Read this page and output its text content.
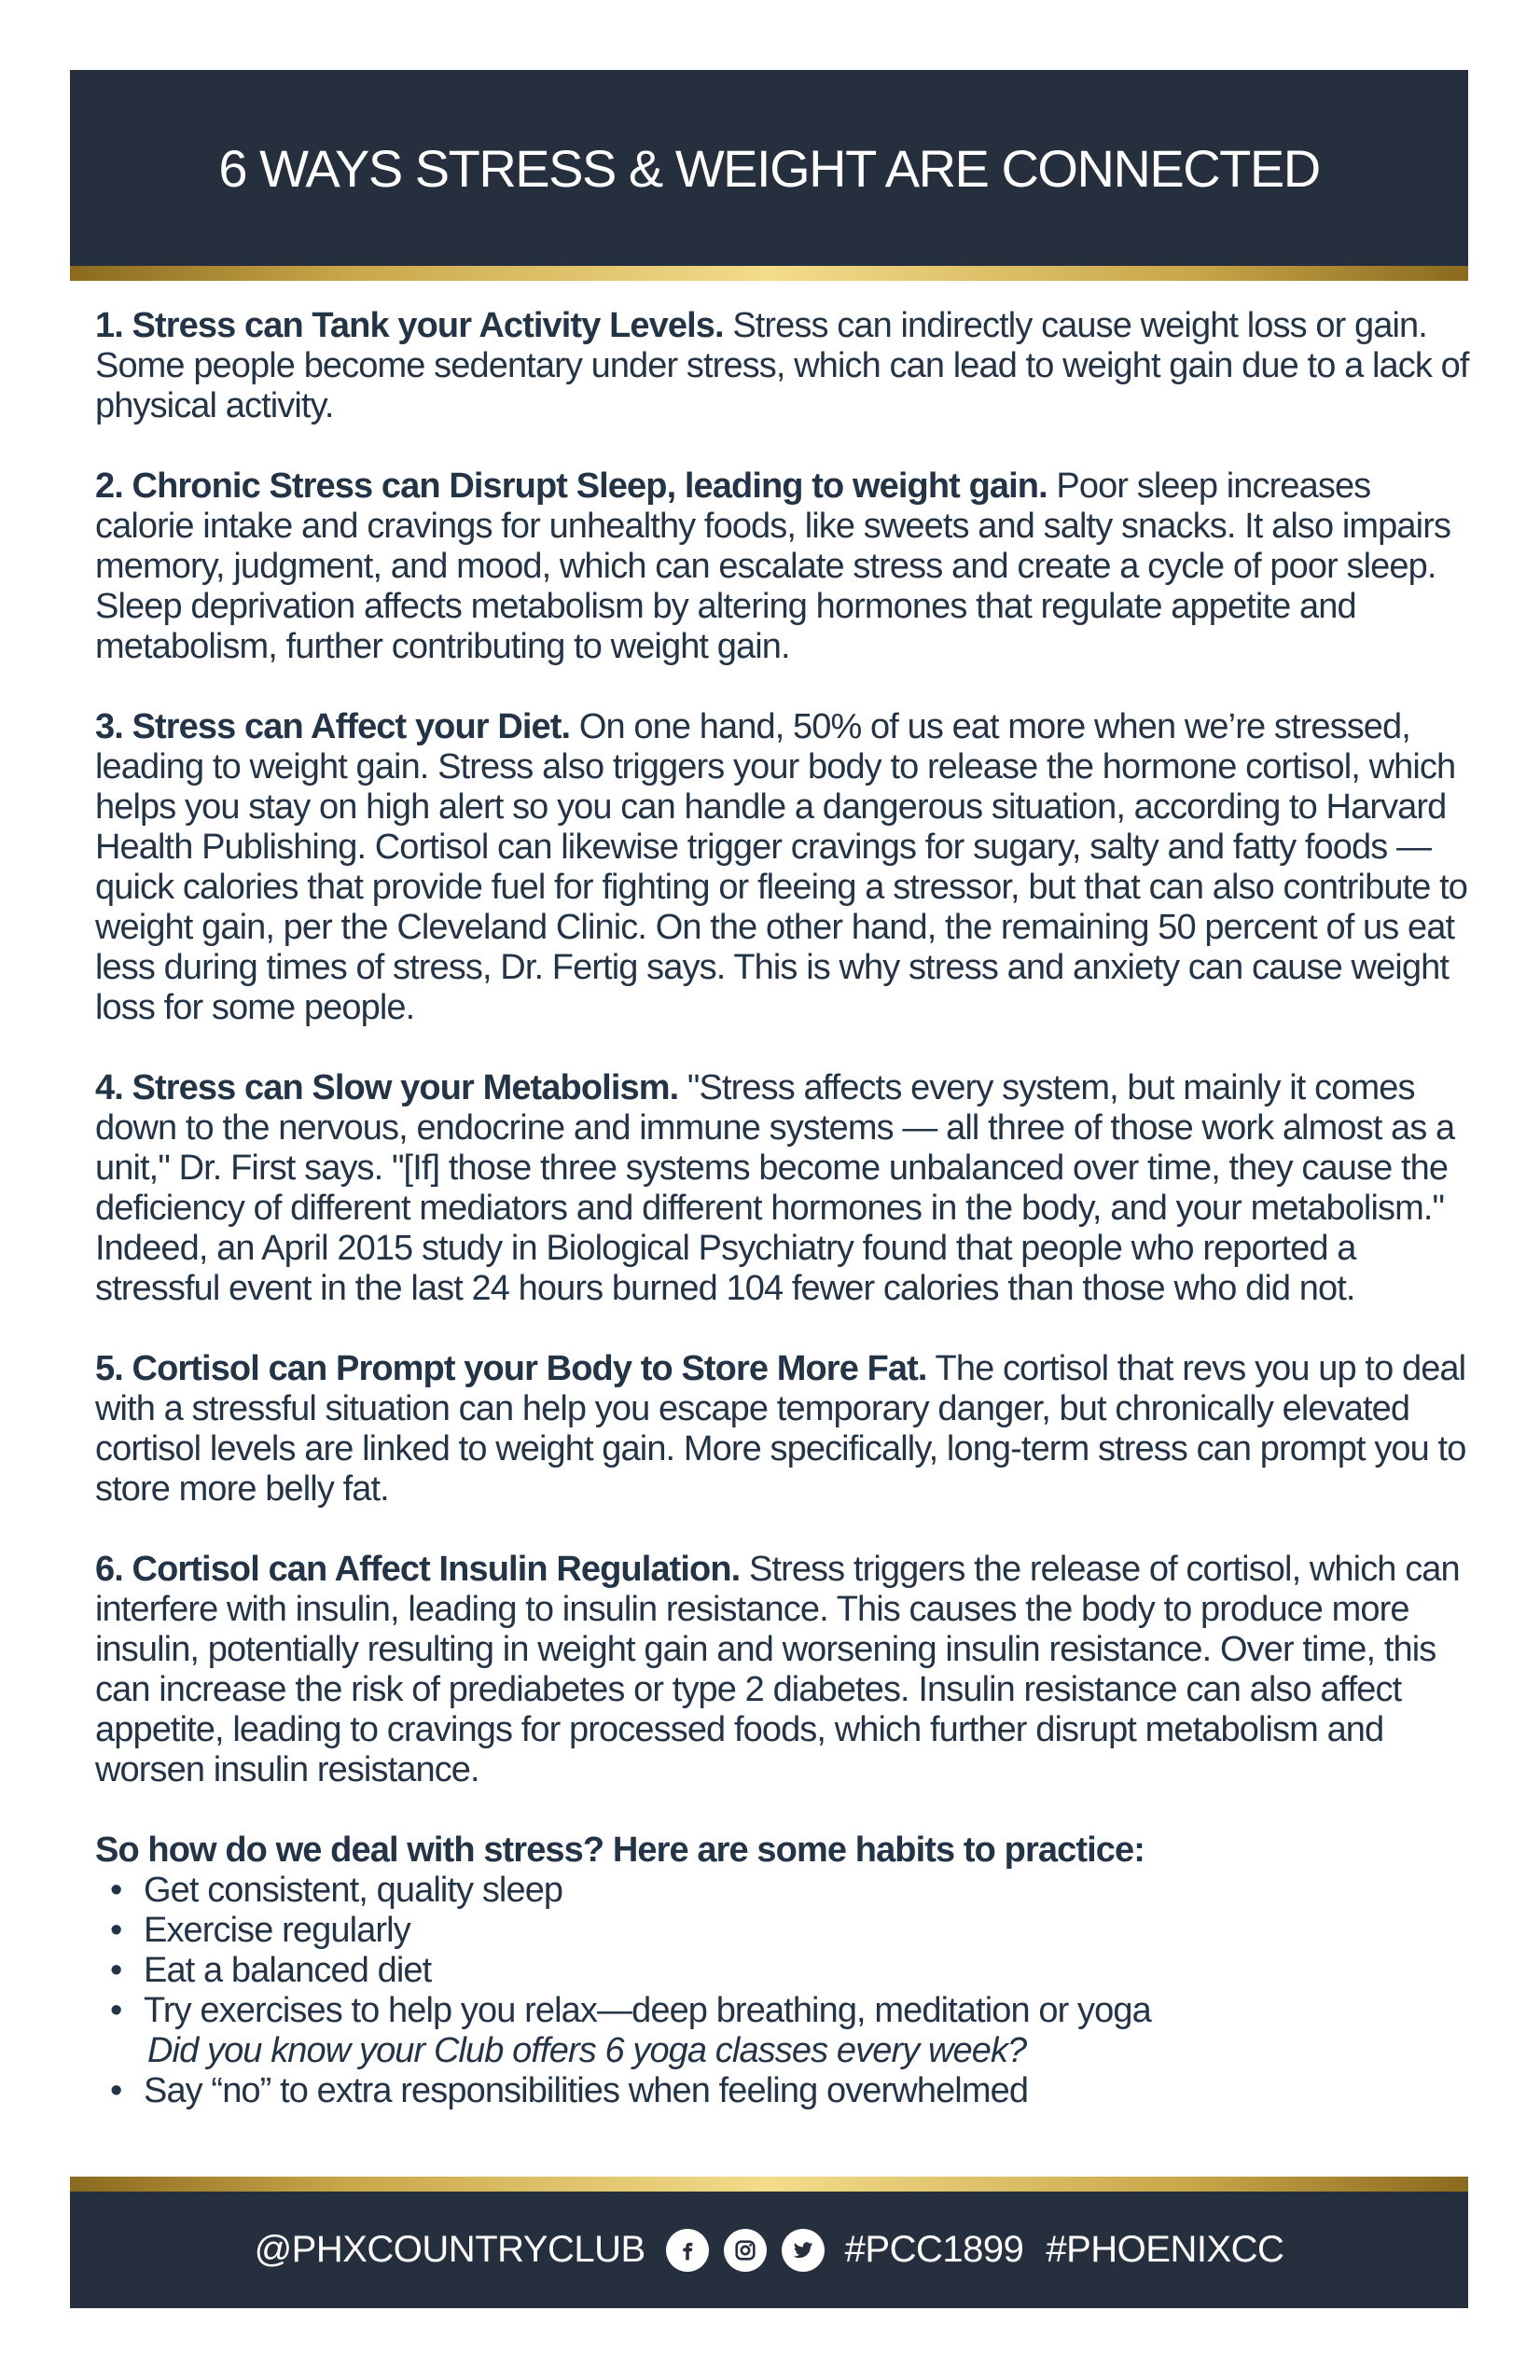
6 WAYS STRESS & WEIGHT ARE CONNECTED

1. Stress can Tank your Activity Levels. Stress can indirectly cause weight loss or gain. Some people become sedentary under stress, which can lead to weight gain due to a lack of physical activity.

2. Chronic Stress can Disrupt Sleep, leading to weight gain. Poor sleep increases calorie intake and cravings for unhealthy foods, like sweets and salty snacks. It also impairs memory, judgment, and mood, which can escalate stress and create a cycle of poor sleep. Sleep deprivation affects metabolism by altering hormones that regulate appetite and metabolism, further contributing to weight gain.

3. Stress can Affect your Diet. On one hand, 50% of us eat more when we’re stressed, leading to weight gain. Stress also triggers your body to release the hormone cortisol, which helps you stay on high alert so you can handle a dangerous situation, according to Harvard Health Publishing. Cortisol can likewise trigger cravings for sugary, salty and fatty foods — quick calories that provide fuel for fighting or fleeing a stressor, but that can also contribute to weight gain, per the Cleveland Clinic. On the other hand, the remaining 50 percent of us eat less during times of stress, Dr. Fertig says. This is why stress and anxiety can cause weight loss for some people.

4. Stress can Slow your Metabolism. "Stress affects every system, but mainly it comes down to the nervous, endocrine and immune systems — all three of those work almost as a unit," Dr. First says. "[If] those three systems become unbalanced over time, they cause the deficiency of different mediators and different hormones in the body, and your metabolism." Indeed, an April 2015 study in Biological Psychiatry found that people who reported a stressful event in the last 24 hours burned 104 fewer calories than those who did not.

5. Cortisol can Prompt your Body to Store More Fat. The cortisol that revs you up to deal with a stressful situation can help you escape temporary danger, but chronically elevated cortisol levels are linked to weight gain. More specifically, long-term stress can prompt you to store more belly fat.

6. Cortisol can Affect Insulin Regulation. Stress triggers the release of cortisol, which can interfere with insulin, leading to insulin resistance. This causes the body to produce more insulin, potentially resulting in weight gain and worsening insulin resistance. Over time, this can increase the risk of prediabetes or type 2 diabetes. Insulin resistance can also affect appetite, leading to cravings for processed foods, which further disrupt metabolism and worsen insulin resistance.

So how do we deal with stress? Here are some habits to practice:

• Get consistent, quality sleep
• Exercise regularly
• Eat a balanced diet
• Try exercises to help you relax—deep breathing, meditation or yoga
Did you know your Club offers 6 yoga classes every week?
• Say “no” to extra responsibilities when feeling overwhelmed
@PHXCOUNTRYCLUB	#PCC1899 #PHOENIXCC
